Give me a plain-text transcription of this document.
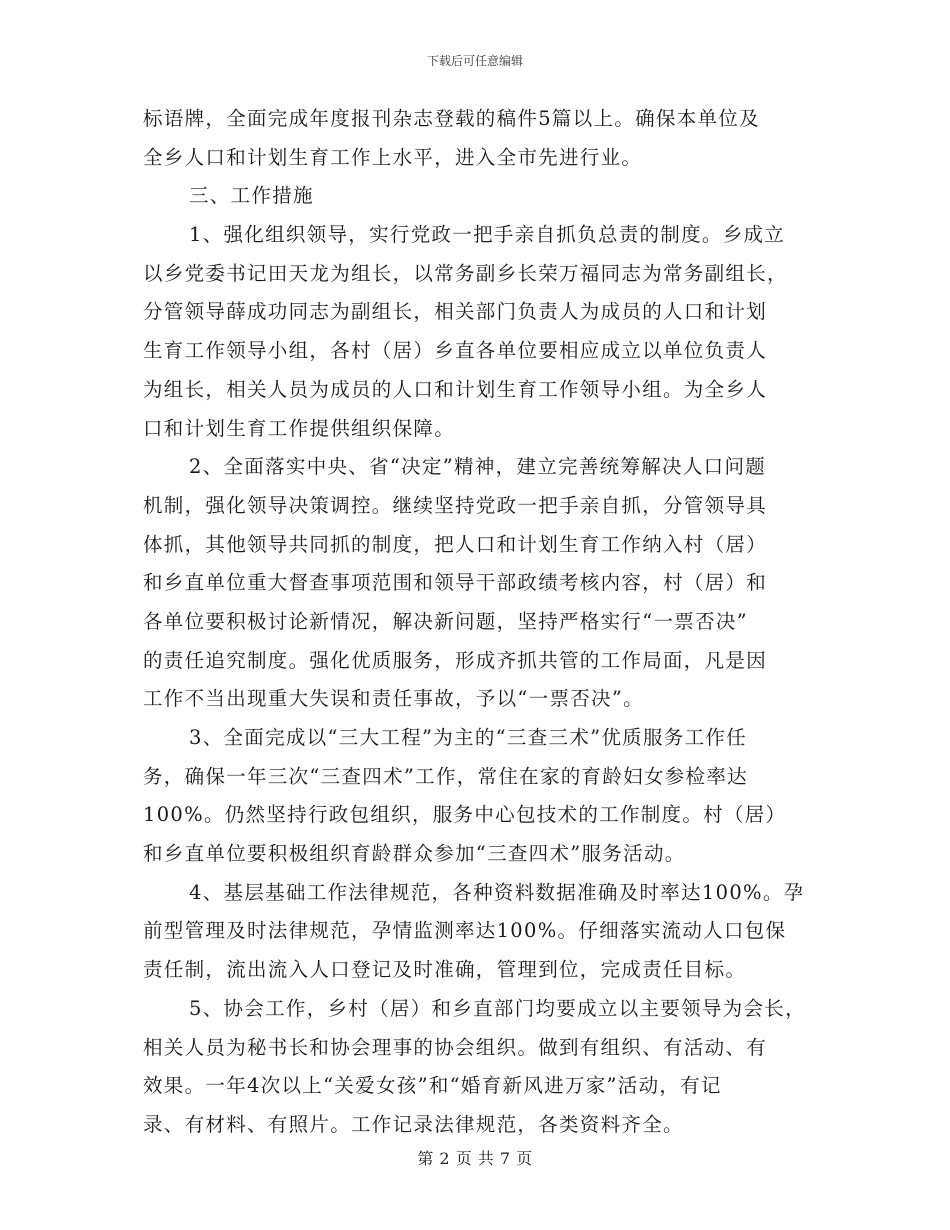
下载后可任意编辑
标语牌，全面完成年度报刊杂志登载的稿件5篇以上。确保本单位及
全乡人口和计划生育工作上水平，进入全市先进行业。
三、工作措施
1、强化组织领导，实行党政一把手亲自抓负总责的制度。乡成立
以乡党委书记田天龙为组长，以常务副乡长荣万福同志为常务副组长，
分管领导薛成功同志为副组长，相关部门负责人为成员的人口和计划
生育工作领导小组，各村（居）乡直各单位要相应成立以单位负责人
为组长，相关人员为成员的人口和计划生育工作领导小组。为全乡人
口和计划生育工作提供组织保障。
2、全面落实中央、省“决定”精神，建立完善统筹解决人口问题
机制，强化领导决策调控。继续坚持党政一把手亲自抓，分管领导具
体抓，其他领导共同抓的制度，把人口和计划生育工作纳入村（居）
和乡直单位重大督查事项范围和领导干部政绩考核内容，村（居）和
各单位要积极讨论新情况，解决新问题，坚持严格实行“一票否决”
的责任追究制度。强化优质服务，形成齐抓共管的工作局面，凡是因
工作不当出现重大失误和责任事故，予以“一票否决”。
3、全面完成以“三大工程”为主的“三查三术”优质服务工作任
务，确保一年三次“三查四术”工作，常住在家的育龄妇女参检率达
100%。仍然坚持行政包组织，服务中心包技术的工作制度。村（居）
和乡直单位要积极组织育龄群众参加“三查四术”服务活动。
4、基层基础工作法律规范，各种资料数据准确及时率达100%。孕
前型管理及时法律规范，孕情监测率达100%。仔细落实流动人口包保
责任制，流出流入人口登记及时准确，管理到位，完成责任目标。
5、协会工作，乡村（居）和乡直部门均要成立以主要领导为会长，
相关人员为秘书长和协会理事的协会组织。做到有组织、有活动、有
效果。一年4次以上“关爱女孩”和“婚育新风进万家”活动，有记
录、有材料、有照片。工作记录法律规范，各类资料齐全。
第 2 页 共 7 页
